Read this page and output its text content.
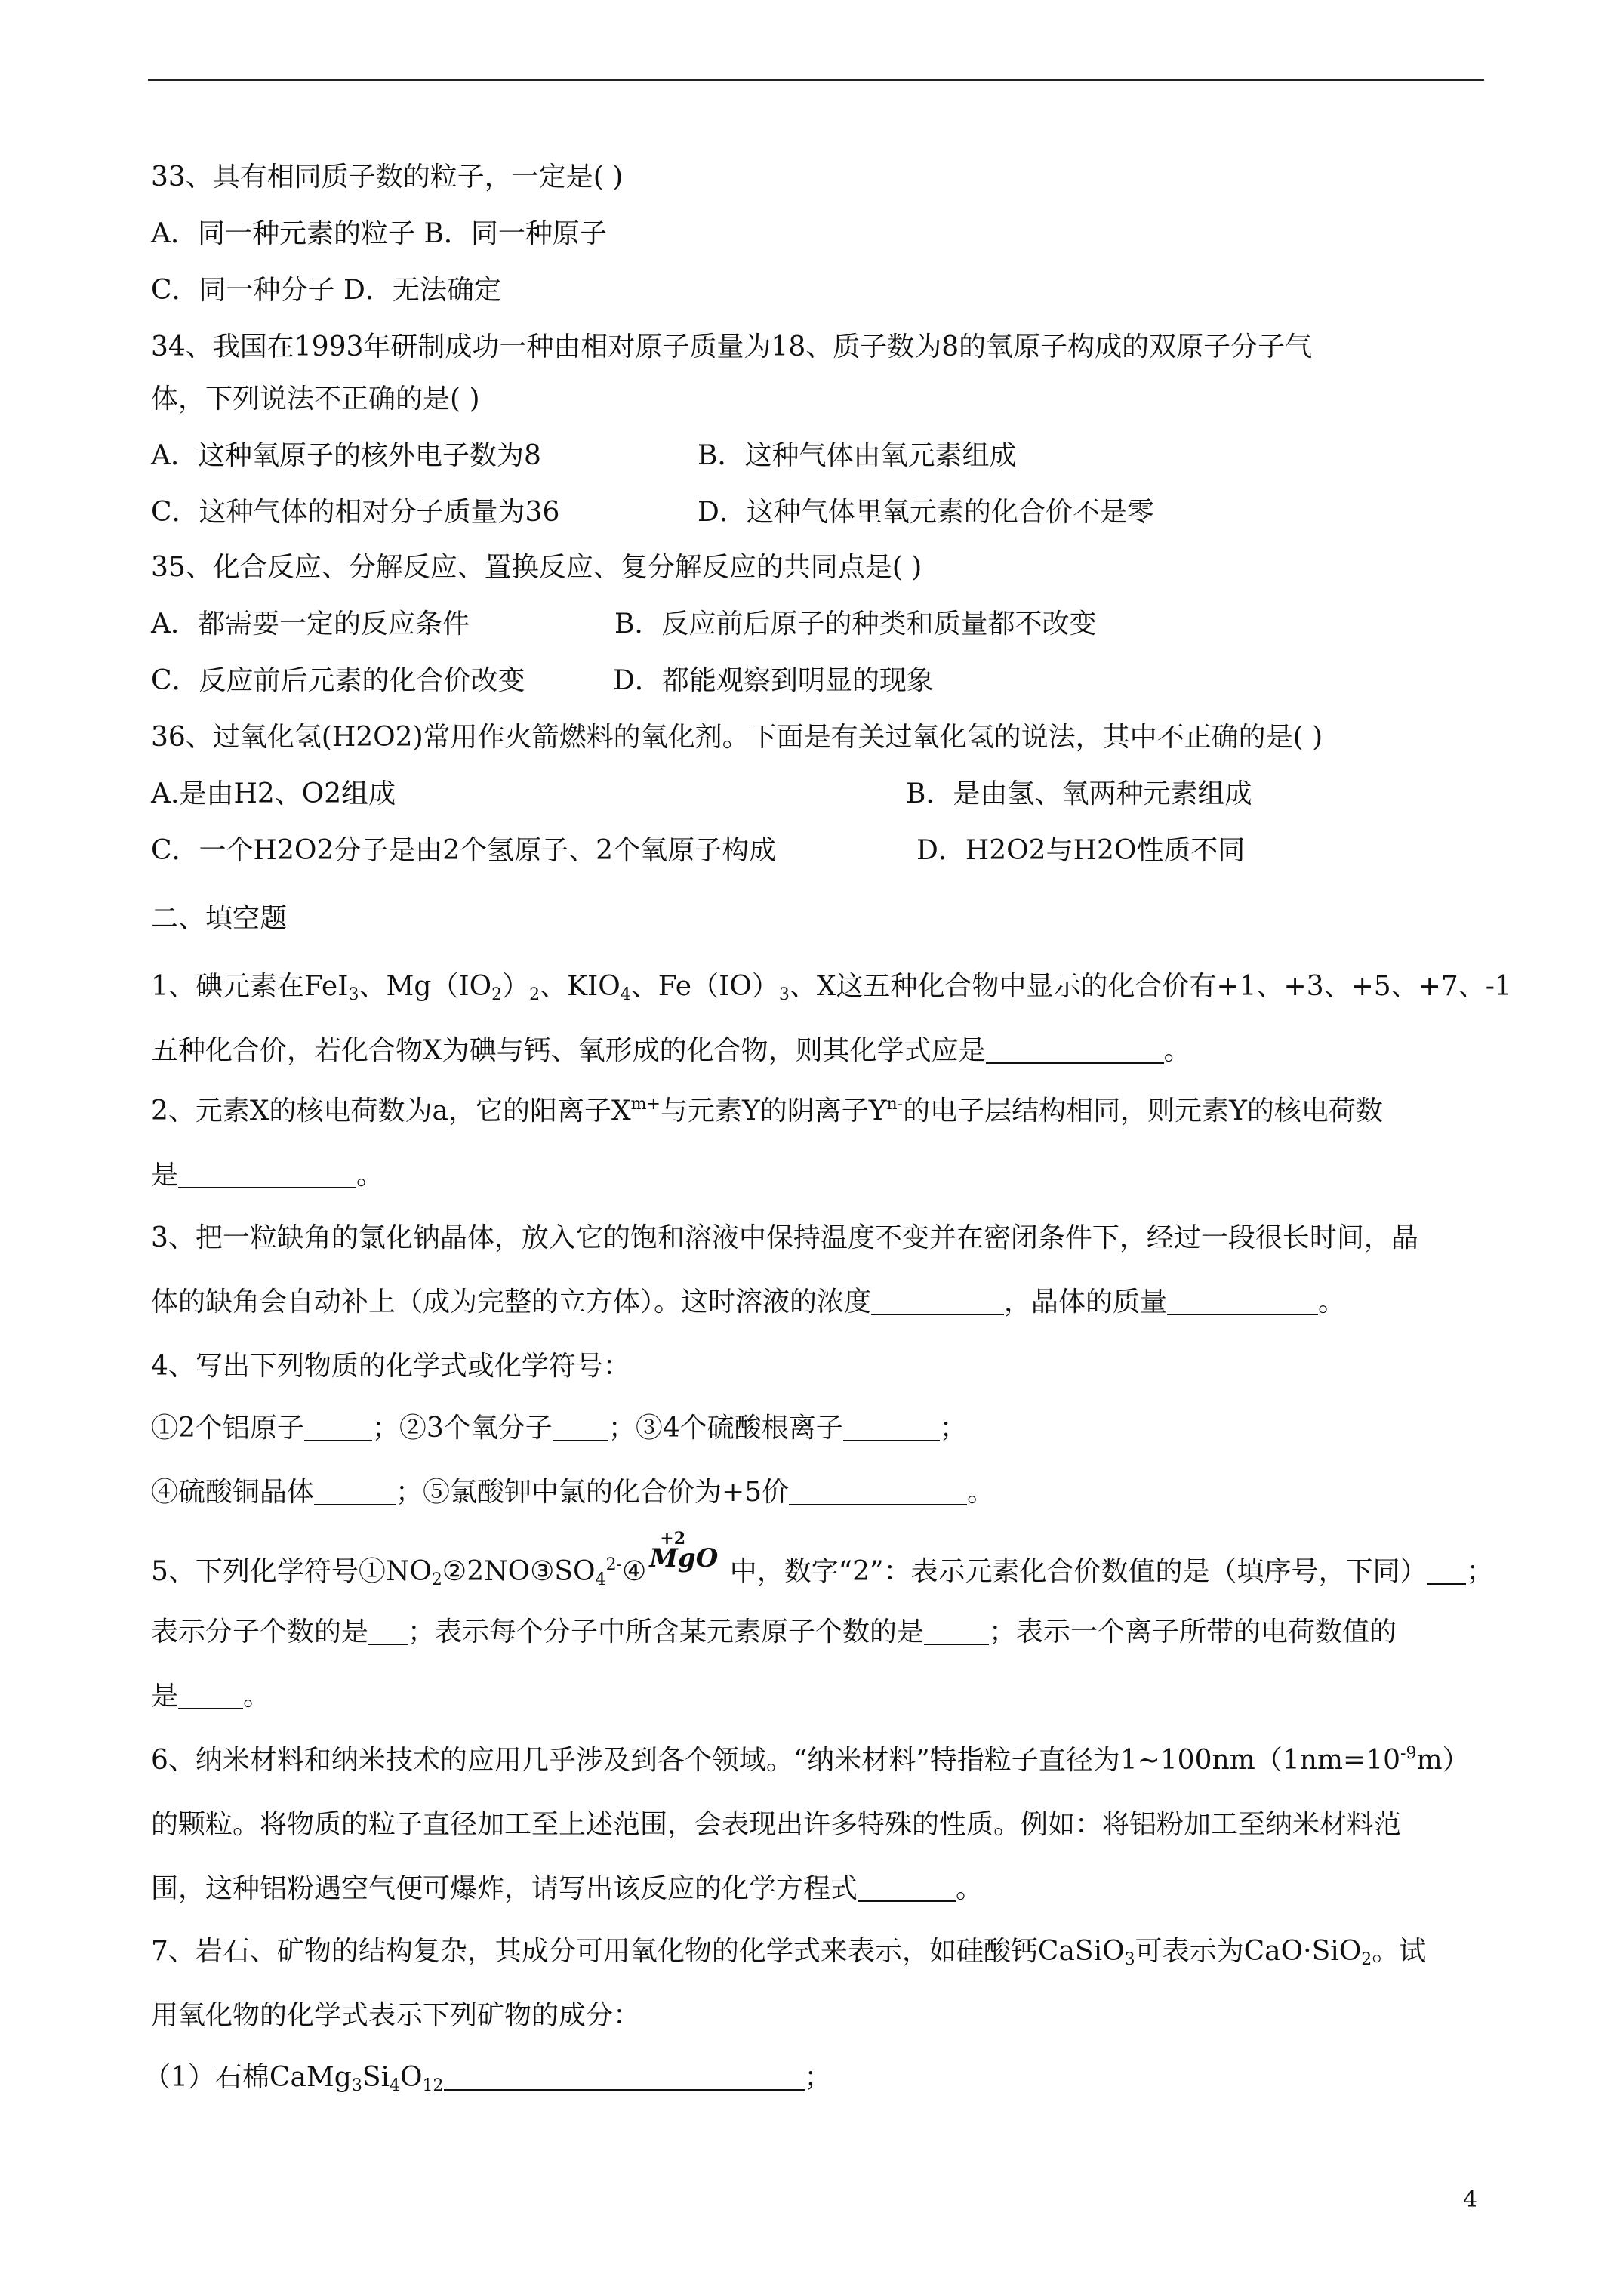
33、具有相同质子数的粒子，一定是( )
A．同一种元素的粒子 B．同一种原子
C．同一种分子 D．无法确定
34、我国在1993年研制成功一种由相对原子质量为18、质子数为8的氧原子构成的双原子分子气
体，下列说法不正确的是( )
A．这种氧原子的核外电子数为8	B．这种气体由氧元素组成
C．这种气体的相对分子质量为36	D．这种气体里氧元素的化合价不是零
35、化合反应、分解反应、置换反应、复分解反应的共同点是( )
A．都需要一定的反应条件	B．反应前后原子的种类和质量都不改变
C．反应前后元素的化合价改变	D．都能观察到明显的现象
36、过氧化氢(H2O2)常用作火箭燃料的氧化剂。下面是有关过氧化氢的说法，其中不正确的是( )
A.是由H2、O2组成	B．是由氢、氧两种元素组成
C．一个H2O2分子是由2个氢原子、2个氧原子构成	D．H2O2与H2O性质不同
二、填空题
1、碘元素在FeI$_3$、$Mg(IO_2)_2$、$KIO_4$、$Fe(IO)_3$、X这五种化合物中显示的化合价有+1、+3、+5、+7、-1
五种化合价，若化合物X为碘与钙、氧形成的化合物，则其化学式应是	。
2、元素X的核电荷数为a，它的阳离子$X^{m+}$与元素Y的阴离子$Y^{n-}$的电子层结构相同，则元素Y的核电荷数
是	。
3、把一粒缺角的氯化钠晶体，放入它的饱和溶液中保持温度不变并在密闭条件下，经过一段很长时间，晶
体的缺角会自动补上（成为完整的立方体）。这时溶液的浓度	，晶体的质量	。
4、写出下列物质的化学式或化学符号：
①2个铝原子	；②3个氧分子 ；③4个硫酸根离子	；
④硫酸铜晶体	；⑤氯酸钾中氯的化合价为+5价	。
5、下列化学符号$①NO_2②2NO③SO_4^{2-}④$
+2
MgO 中，数字“2”：表示元素化合价数值的是（填序号，下同） ；
表示分子个数的是 ；表示每个分子中所含某元素原子个数的是 ；表示一个离子所带的电荷数值的
是 。
6、纳米材料和纳米技术的应用几乎涉及到各个领域。“纳米材料”特指粒子直径为$1\sim 100nm(1nm=10^{-9}m)$
的颗粒。将物质的粒子直径加工至上述范围，会表现出许多特殊的性质。例如：将铝粉加工至纳米材料范
围，这种铝粉遇空气便可爆炸，请写出该反应的化学方程式	。
7、岩石、矿物的结构复杂，其成分可用氧化物的化学式来表示，如硅酸钙CaSiO$_3$可表示为CaO·SiO$_2$。试
用氧化物的化学式表示下列矿物的成分：
（1）石棉$CaMg_3Si_4O_{12}$	；
4
